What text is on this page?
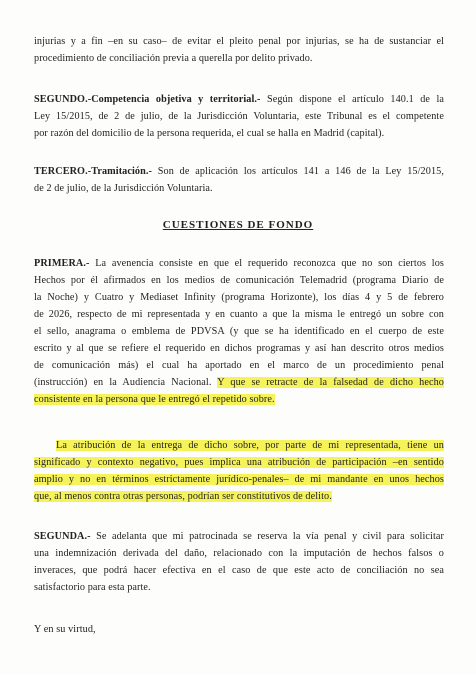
injurias y a fin –en su caso– de evitar el pleito penal por injurias, se ha de sustanciar el
procedimiento de conciliación previa a querella por delito privado.
SEGUNDO.-Competencia objetiva y territorial.- Según dispone el artículo 140.1 de la
Ley 15/2015, de 2 de julio, de la Jurisdicción Voluntaria, este Tribunal es el competente
por razón del domicilio de la persona requerida, el cual se halla en Madrid (capital).
TERCERO.-Tramitación.- Son de aplicación los artículos 141 a 146 de la Ley 15/2015,
de 2 de julio, de la Jurisdicción Voluntaria.
CUESTIONES DE FONDO
PRIMERA.- La avenencia consiste en que el requerido reconozca que no son ciertos los
Hechos por él afirmados en los medios de comunicación Telemadrid (programa Diario de
la Noche) y Cuatro y Mediaset Infinity (programa Horizonte), los días 4 y 5 de febrero
de 2026, respecto de mi representada y en cuanto a que la misma le entregó un sobre con
el sello, anagrama o emblema de PDVSA (y que se ha identificado en el cuerpo de este
escrito y al que se refiere el requerido en dichos programas y así han descrito otros medios
de comunicación más) el cual ha aportado en el marco de un procedimiento penal
(instrucción) en la Audiencia Nacional. Y que se retracte de la falsedad de dicho hecho
consistente en la persona que le entregó el repetido sobre.
La atribución de la entrega de dicho sobre, por parte de mi representada, tiene un
significado y contexto negativo, pues implica una atribución de participación –en sentido
amplio y no en términos estrictamente jurídico-penales– de mi mandante en unos hechos
que, al menos contra otras personas, podrían ser constitutivos de delito.
SEGUNDA.- Se adelanta que mi patrocinada se reserva la vía penal y civil para solicitar
una indemnización derivada del daño, relacionado con la imputación de hechos falsos o
inveraces, que podrá hacer efectiva en el caso de que este acto de conciliación no sea
satisfactorio para esta parte.
Y en su virtud,
